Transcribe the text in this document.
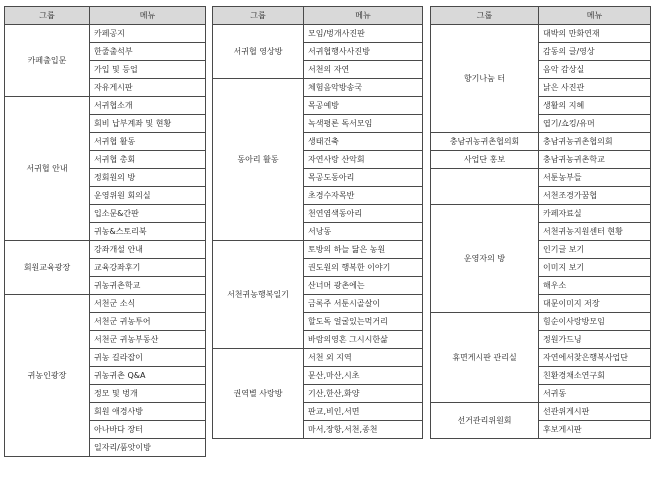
그룹	메뉴
카페출입문	카페공지
	한줄출석부
	가입 및 등업
	자유게시판
서귀협 안내	서귀협소개
	회비 납부계좌 및 현황
	서귀협 활동
	서귀협 총회
	정회원의 방
	운영위원 회의실
	입소문&간판
	귀농&스토리북
회원교육광장	강좌개설 안내
	교육강좌후기
	귀농귀촌학교
귀농인광장	서천군 소식
	서천군 귀농투어
	서천군 귀농부동산
	귀농 길라잡이
	귀농귀촌 Q&A
	정모 및 벙개
	회원 애경사방
	아나바다 장터
	일자리/품앗이방
그룹	메뉴
서귀협 영상방	모임/벙개사진판
	서귀협행사사진방
	서천의 자연
동아리 활동	체험음악방송국
	목공예방
	녹색평론 독서모임
	생태건축
	자연사랑 산악회
	목공도동아리
	초경수자목반
	천연염색동아리
	서낭동
서천귀농행복일기	토방의 하늘 닮은 농원
	권도원의 행복한 이야기
	산너머 광촌에는
	금록주 서툰시골살이
	할도독 얼굴있는먹거리
	바람의영혼 그시시한삶
권역별 사랑방	서천 외 지역
	문산,마산,시초
	기산,한산,화양
	판교,비인,서면
	마서,장항,서천,종천
그룹	메뉴
향기나눔 터	대박의 만화연재
	감동의 글/영상
	음악 감상실
	낡은 사진관
	생활의 지혜
	엽기/쇼킹/유머
충남귀농귀촌협의회	충남귀농귀촌협의회
사업단 홍보	충남귀농귀촌학교
	서툰농부들
	서천조경가꿈협
운영자의 방	카페자료실
	서천귀농지원센터 현황
	인기글 보기
	이미지 보기
	해우소
	대문이미지 저장
휴면게시판 관리실	힘순이사랑방모임
	정원가드닝
	자연에서찾은행복사업단
	친환경채소연구회
	서귀동
선거관리위원회	선관위게시판
	후보게시판
